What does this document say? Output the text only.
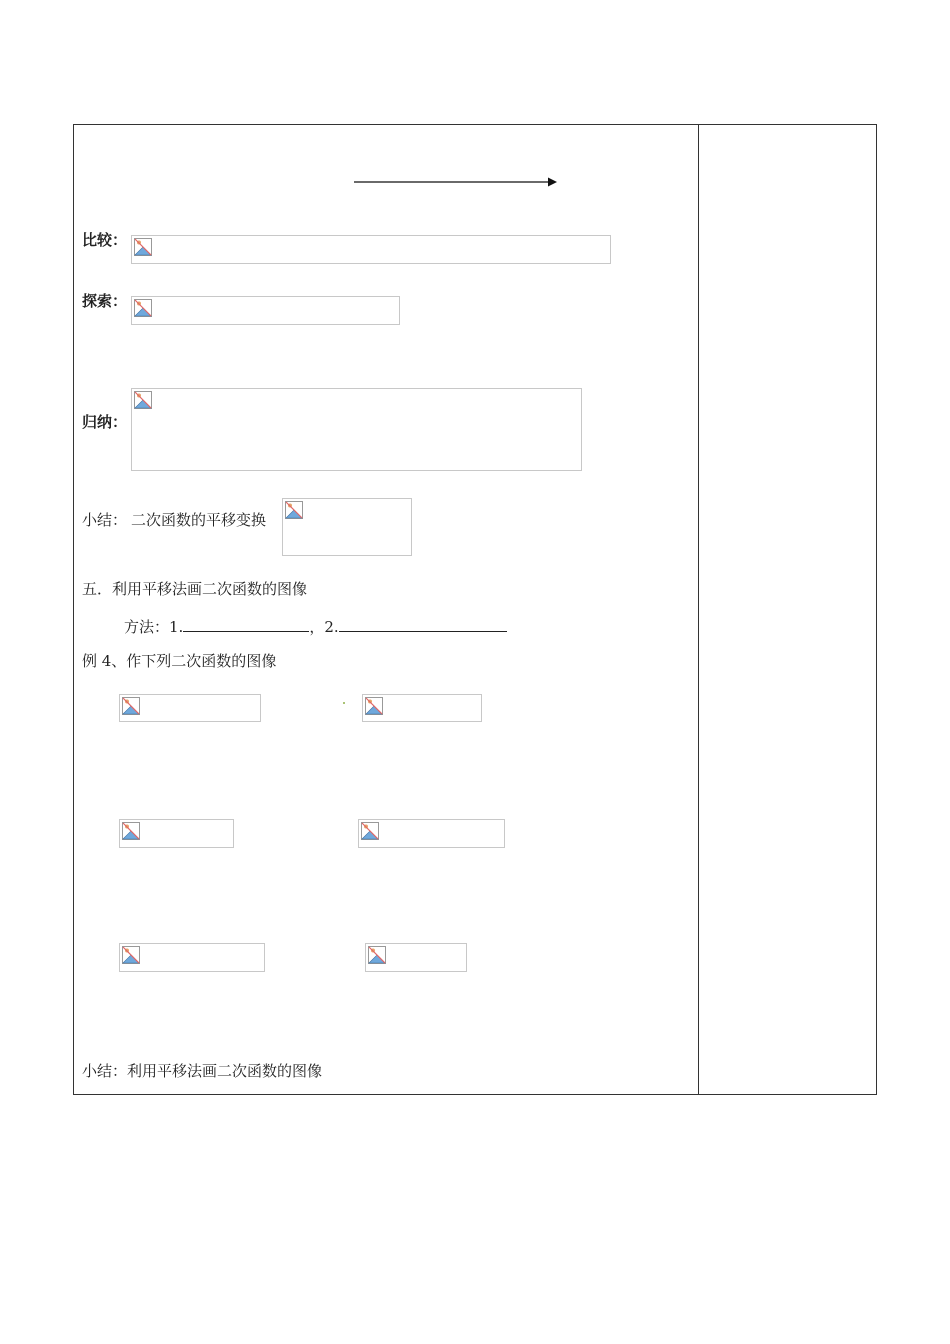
比较：
探索：
归纳：
小结： 二次函数的平移变换
五．利用平移法画二次函数的图像
方法：1.	，2.
例 4、作下列二次函数的图像
小结：利用平移法画二次函数的图像
